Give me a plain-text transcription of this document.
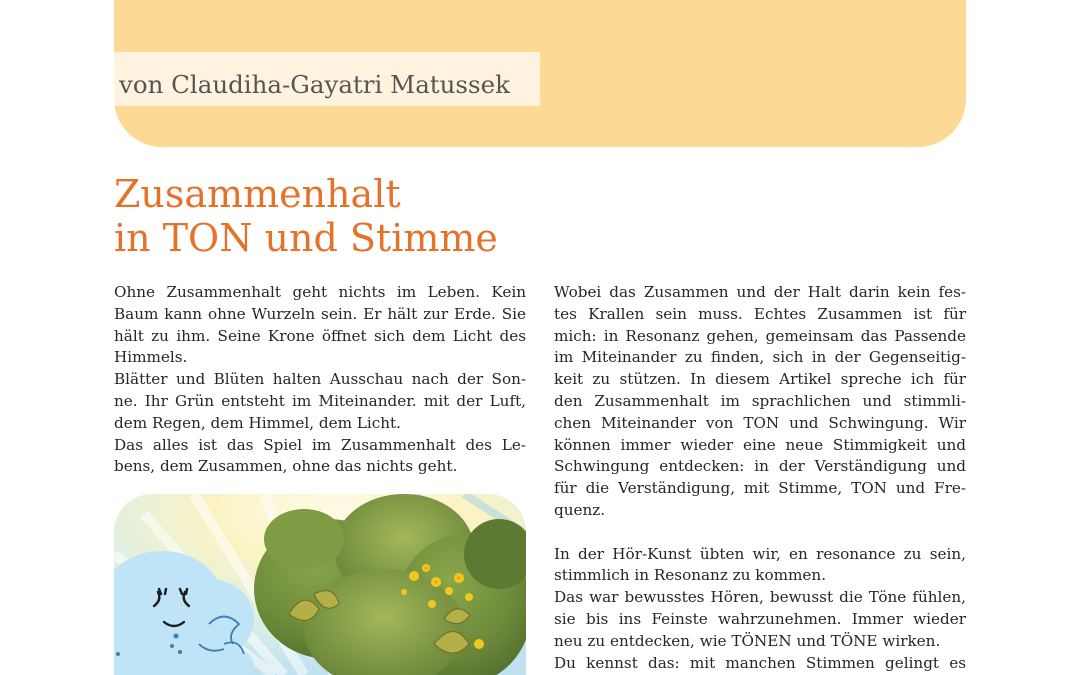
von Claudiha-Gayatri Matussek
Zusammenhalt
in TON und Stimme
Ohne Zusammenhalt geht nichts im Leben. Kein
Baum kann ohne Wurzeln sein. Er hält zur Erde. Sie
hält zu ihm. Seine Krone öffnet sich dem Licht des
Himmels.
Blätter und Blüten halten Ausschau nach der Son-
ne. Ihr Grün entsteht im Miteinander. mit der Luft,
dem Regen, dem Himmel, dem Licht.
Das alles ist das Spiel im Zusammenhalt des Le-
bens, dem Zusammen, ohne das nichts geht.
Wobei das Zusammen und der Halt darin kein fes-
tes Krallen sein muss. Echtes Zusammen ist für
mich: in Resonanz gehen, gemeinsam das Passende
im Miteinander zu finden, sich in der Gegenseitig-
keit zu stützen. In diesem Artikel spreche ich für
den Zusammenhalt im sprachlichen und stimmli-
chen Miteinander von TON und Schwingung. Wir
können immer wieder eine neue Stimmigkeit und
Schwingung entdecken: in der Verständigung und
für die Verständigung, mit Stimme, TON und Fre-
quenz.
In der Hör-Kunst übten wir, en resonance zu sein,
stimmlich in Resonanz zu kommen.
Das war bewusstes Hören, bewusst die Töne fühlen,
sie bis ins Feinste wahrzunehmen. Immer wieder
neu zu entdecken, wie TÖNEN und TÖNE wirken.
Du kennst das: mit manchen Stimmen gelingt es
